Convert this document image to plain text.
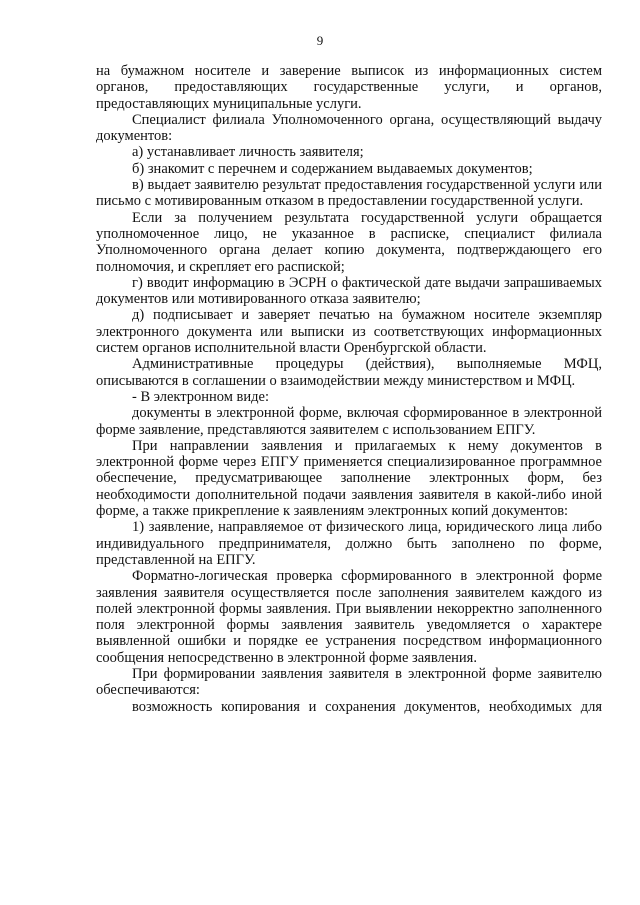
9

на бумажном носителе и заверение выписок из информационных систем органов, предоставляющих государственные услуги, и органов, предоставляющих муниципальные услуги.

Специалист филиала Уполномоченного органа, осуществляющий выдачу документов:

а) устанавливает личность заявителя;

б) знакомит с перечнем и содержанием выдаваемых документов;

в) выдает заявителю результат предоставления государственной услуги или письмо с мотивированным отказом в предоставлении государственной услуги.

Если за получением результата государственной услуги обращается уполномоченное лицо, не указанное в расписке, специалист филиала Уполномоченного органа делает копию документа, подтверждающего его полномочия, и скрепляет его распиской;

г) вводит информацию в ЭСРН о фактической дате выдачи запрашиваемых документов или мотивированного отказа заявителю;

д) подписывает и заверяет печатью на бумажном носителе экземпляр электронного документа или выписки из соответствующих информационных систем органов исполнительной власти Оренбургской области.

Административные процедуры (действия), выполняемые МФЦ, описываются в соглашении о взаимодействии между министерством и МФЦ.

- В электронном виде:

документы в электронной форме, включая сформированное в электронной форме заявление, представляются заявителем с использованием ЕПГУ.

При направлении заявления и прилагаемых к нему документов в электронной форме через ЕПГУ применяется специализированное программное обеспечение, предусматривающее заполнение электронных форм, без необходимости дополнительной подачи заявления заявителя в какой-либо иной форме, а также прикрепление к заявлениям электронных копий документов:

1) заявление, направляемое от физического лица, юридического лица либо индивидуального предпринимателя, должно быть заполнено по форме, представленной на ЕПГУ.

Форматно-логическая проверка сформированного в электронной форме заявления заявителя осуществляется после заполнения заявителем каждого из полей электронной формы заявления. При выявлении некорректно заполненного поля электронной формы заявления заявитель уведомляется о характере выявленной ошибки и порядке ее устранения посредством информационного сообщения непосредственно в электронной форме заявления.

При формировании заявления заявителя в электронной форме заявителю обеспечиваются:

возможность копирования и сохранения документов, необходимых для
